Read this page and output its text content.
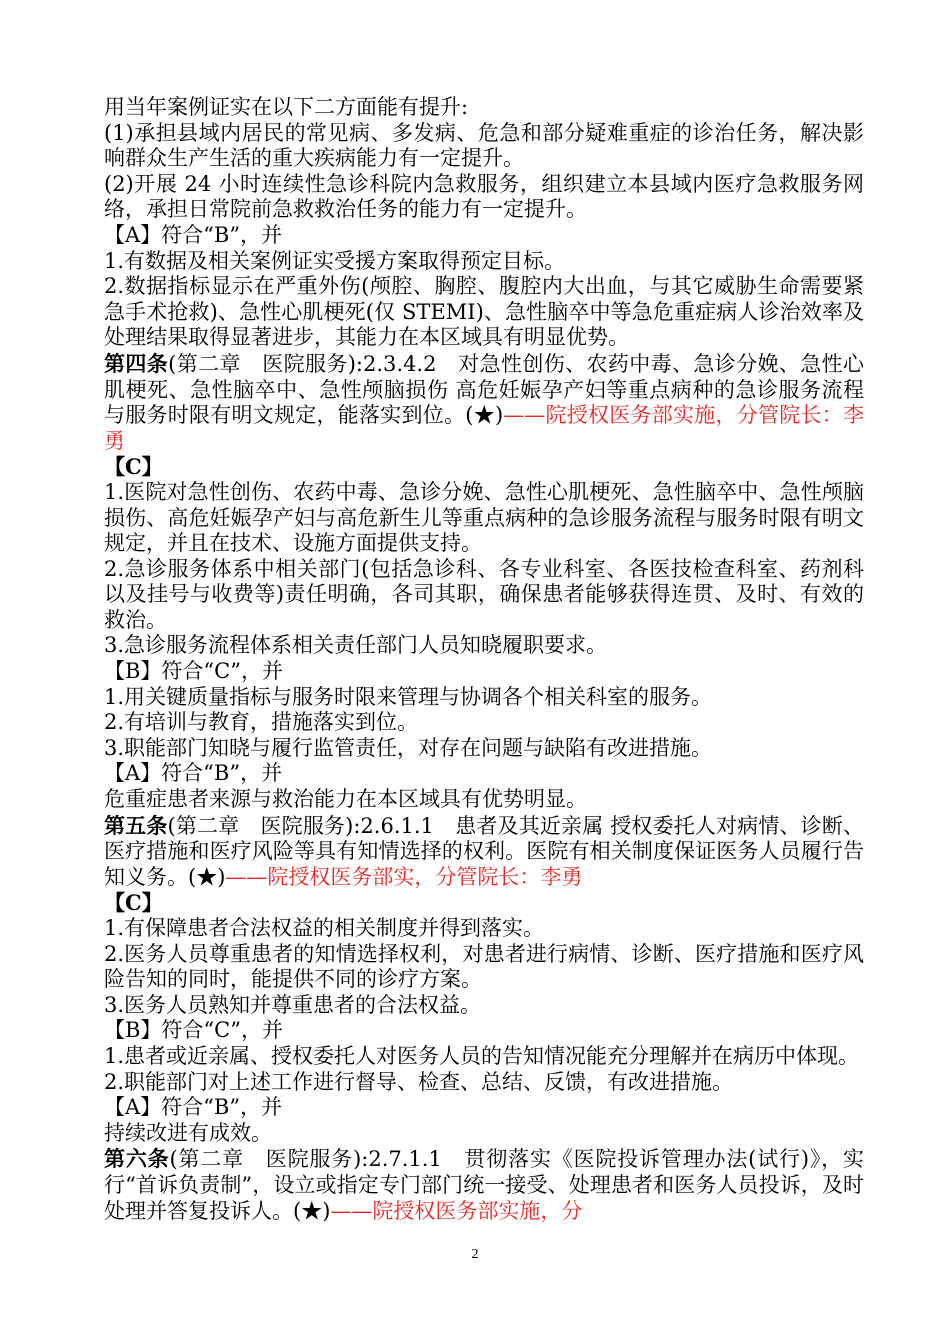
用当年案例证实在以下二方面能有提升:

(1)承担县域内居民的常见病、多发病、危急和部分疑难重症的诊治任务，解决影响群众生产生活的重大疾病能力有一定提升。

(2)开展 24 小时连续性急诊科院内急救服务，组织建立本县域内医疗急救服务网络，承担日常院前急救救治任务的能力有一定提升。

【A】符合“B”，并

1.有数据及相关案例证实受援方案取得预定目标。

2.数据指标显示在严重外伤(颅腔、胸腔、腹腔内大出血，与其它威胁生命需要紧急手术抢救)、急性心肌梗死(仅 STEMI)、急性脑卒中等急危重症病人诊治效率及处理结果取得显著进步，其能力在本区域具有明显优势。

第四条(第二章　医院服务):2.3.4.2　对急性创伤、农药中毒、急诊分娩、急性心肌梗死、急性脑卒中、急性颅脑损伤 高危妊娠孕产妇等重点病种的急诊服务流程与服务时限有明文规定，能落实到位。(★)——院授权医务部实施，分管院长：李勇

【C】

1.医院对急性创伤、农药中毒、急诊分娩、急性心肌梗死、急性脑卒中、急性颅脑损伤、高危妊娠孕产妇与高危新生儿等重点病种的急诊服务流程与服务时限有明文规定，并且在技术、设施方面提供支持。

2.急诊服务体系中相关部门(包括急诊科、各专业科室、各医技检查科室、药剂科以及挂号与收费等)责任明确，各司其职，确保患者能够获得连贯、及时、有效的救治。

3.急诊服务流程体系相关责任部门人员知晓履职要求。

【B】符合“C”，并

1.用关键质量指标与服务时限来管理与协调各个相关科室的服务。

2.有培训与教育，措施落实到位。

3.职能部门知晓与履行监管责任，对存在问题与缺陷有改进措施。

【A】符合“B”，并

危重症患者来源与救治能力在本区域具有优势明显。

第五条(第二章　医院服务):2.6.1.1　患者及其近亲属 授权委托人对病情、诊断、医疗措施和医疗风险等具有知情选择的权利。医院有相关制度保证医务人员履行告知义务。(★)——院授权医务部实，分管院长：李勇

【C】

1.有保障患者合法权益的相关制度并得到落实。

2.医务人员尊重患者的知情选择权利，对患者进行病情、诊断、医疗措施和医疗风险告知的同时，能提供不同的诊疗方案。

3.医务人员熟知并尊重患者的合法权益。

【B】符合“C”，并

1.患者或近亲属、授权委托人对医务人员的告知情况能充分理解并在病历中体现。

2.职能部门对上述工作进行督导、检查、总结、反馈，有改进措施。

【A】符合“B”，并

持续改进有成效。

第六条(第二章　医院服务):2.7.1.1　贯彻落实《医院投诉管理办法(试行)》，实行“首诉负责制”，设立或指定专门部门统一接受、处理患者和医务人员投诉，及时处理并答复投诉人。(★)——院授权医务部实施，分

2
